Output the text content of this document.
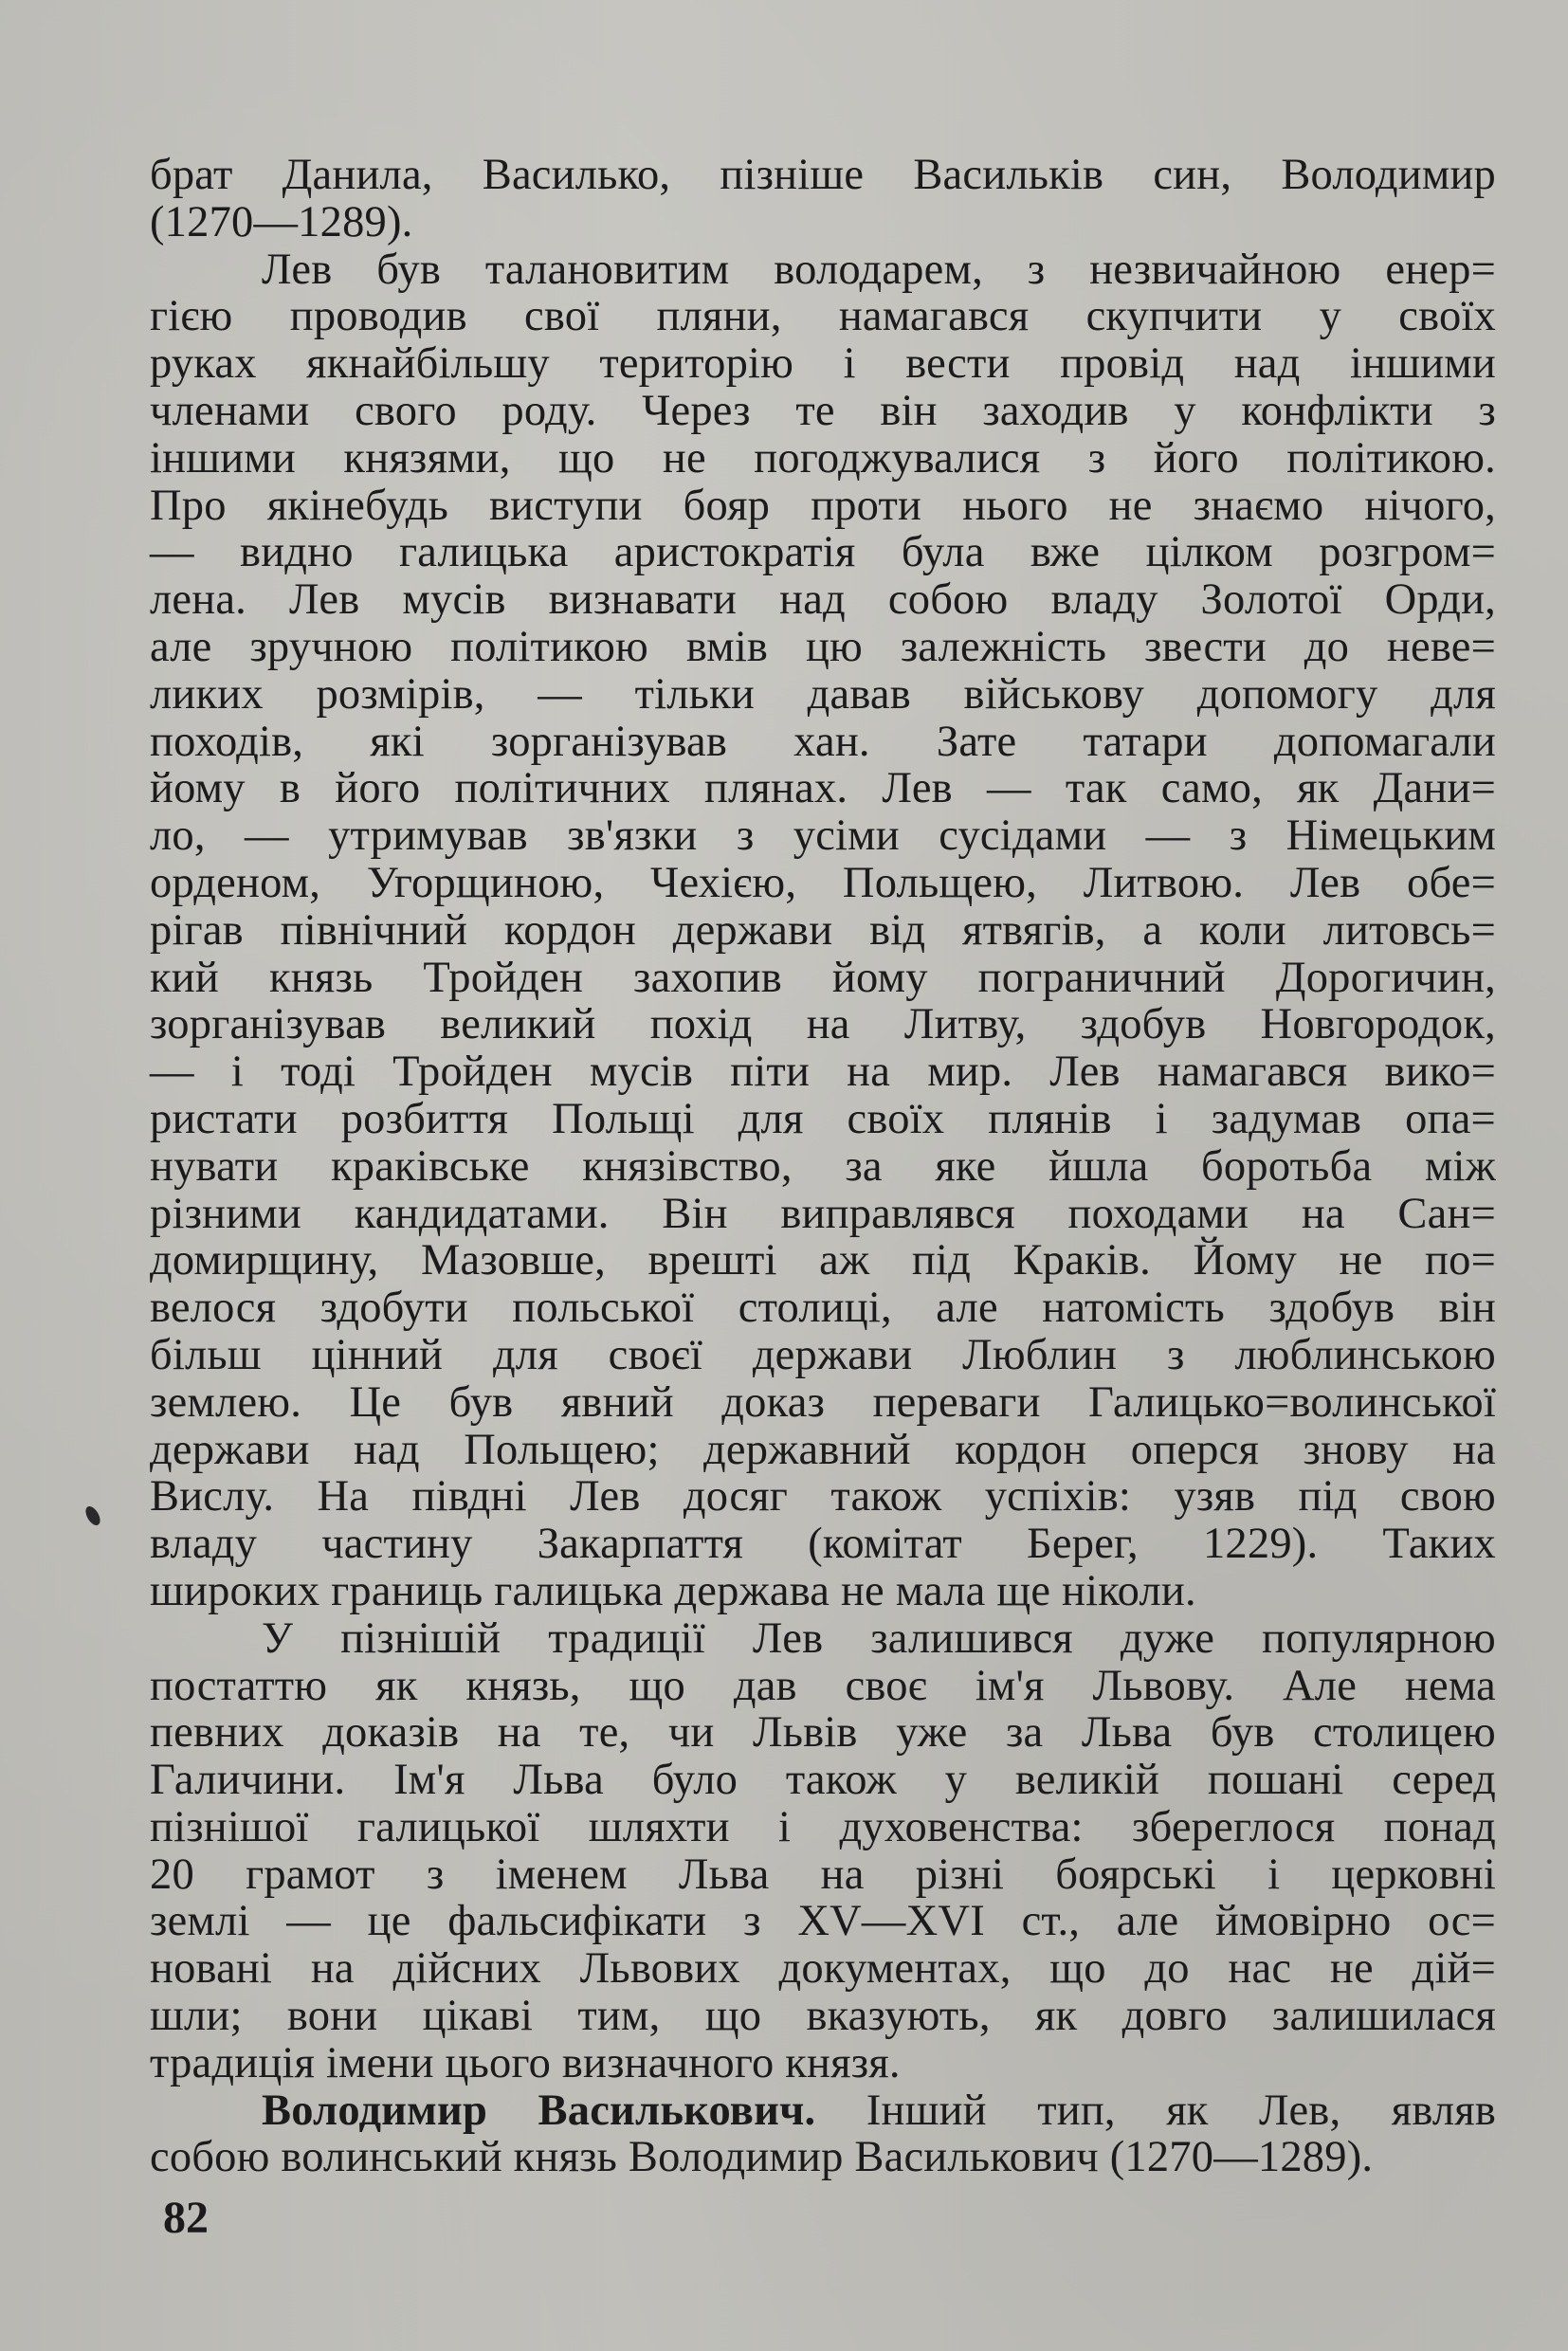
брат Данила, Василько, пізніше Васильків син, Володимир
(1270—1289).
Лев був талановитим володарем, з незвичайною енер=
гією проводив свої пляни, намагався скупчити у своїх
руках якнайбільшу територію і вести провід над іншими
членами свого роду. Через те він заходив у конфлікти з
іншими князями, що не погоджувалися з його політикою.
Про якінебудь виступи бояр проти нього не знаємо нічого,
— видно галицька аристократія була вже цілком розгром=
лена. Лев мусів визнавати над собою владу Золотої Орди,
але зручною політикою вмів цю залежність звести до неве=
ликих розмірів, — тільки давав військову допомогу для
походів, які зорганізував хан. Зате татари допомагали
йому в його політичних плянах. Лев — так само, як Дани=
ло, — утримував зв'язки з усіми сусідами — з Німецьким
орденом, Угорщиною, Чехією, Польщею, Литвою. Лев обе=
рігав північний кордон держави від ятвягів, а коли литовсь=
кий князь Тройден захопив йому пограничний Дорогичин,
зорганізував великий похід на Литву, здобув Новгородок,
— і тоді Тройден мусів піти на мир. Лев намагався вико=
ристати розбиття Польщі для своїх плянів і задумав опа=
нувати краківське князівство, за яке йшла боротьба між
різними кандидатами. Він виправлявся походами на Сан=
домирщину, Мазовше, врешті аж під Краків. Йому не по=
велося здобути польської столиці, але натомість здобув він
більш цінний для своєї держави Люблин з люблинською
землею. Це був явний доказ переваги Галицько=волинської
держави над Польщею; державний кордон оперся знову на
Вислу. На півдні Лев досяг також успіхів: узяв під свою
владу частину Закарпаття (комітат Берег, 1229). Таких
широких границь галицька держава не мала ще ніколи.
У пізнішій традиції Лев залишився дуже популярною
постаттю як князь, що дав своє ім'я Львову. Але нема
певних доказів на те, чи Львів уже за Льва був столицею
Галичини. Ім'я Льва було також у великій пошані серед
пізнішої галицької шляхти і духовенства: збереглося понад
20 грамот з іменем Льва на різні боярські і церковні
землі — це фальсифікати з XV—XVI ст., але ймовірно ос=
новані на дійсних Львових документах, що до нас не дій=
шли; вони цікаві тим, що вказують, як довго залишилася
традиція імени цього визначного князя.
Володимир Василькович. Інший тип, як Лев, являв
собою волинський князь Володимир Василькович (1270—1289).
82
